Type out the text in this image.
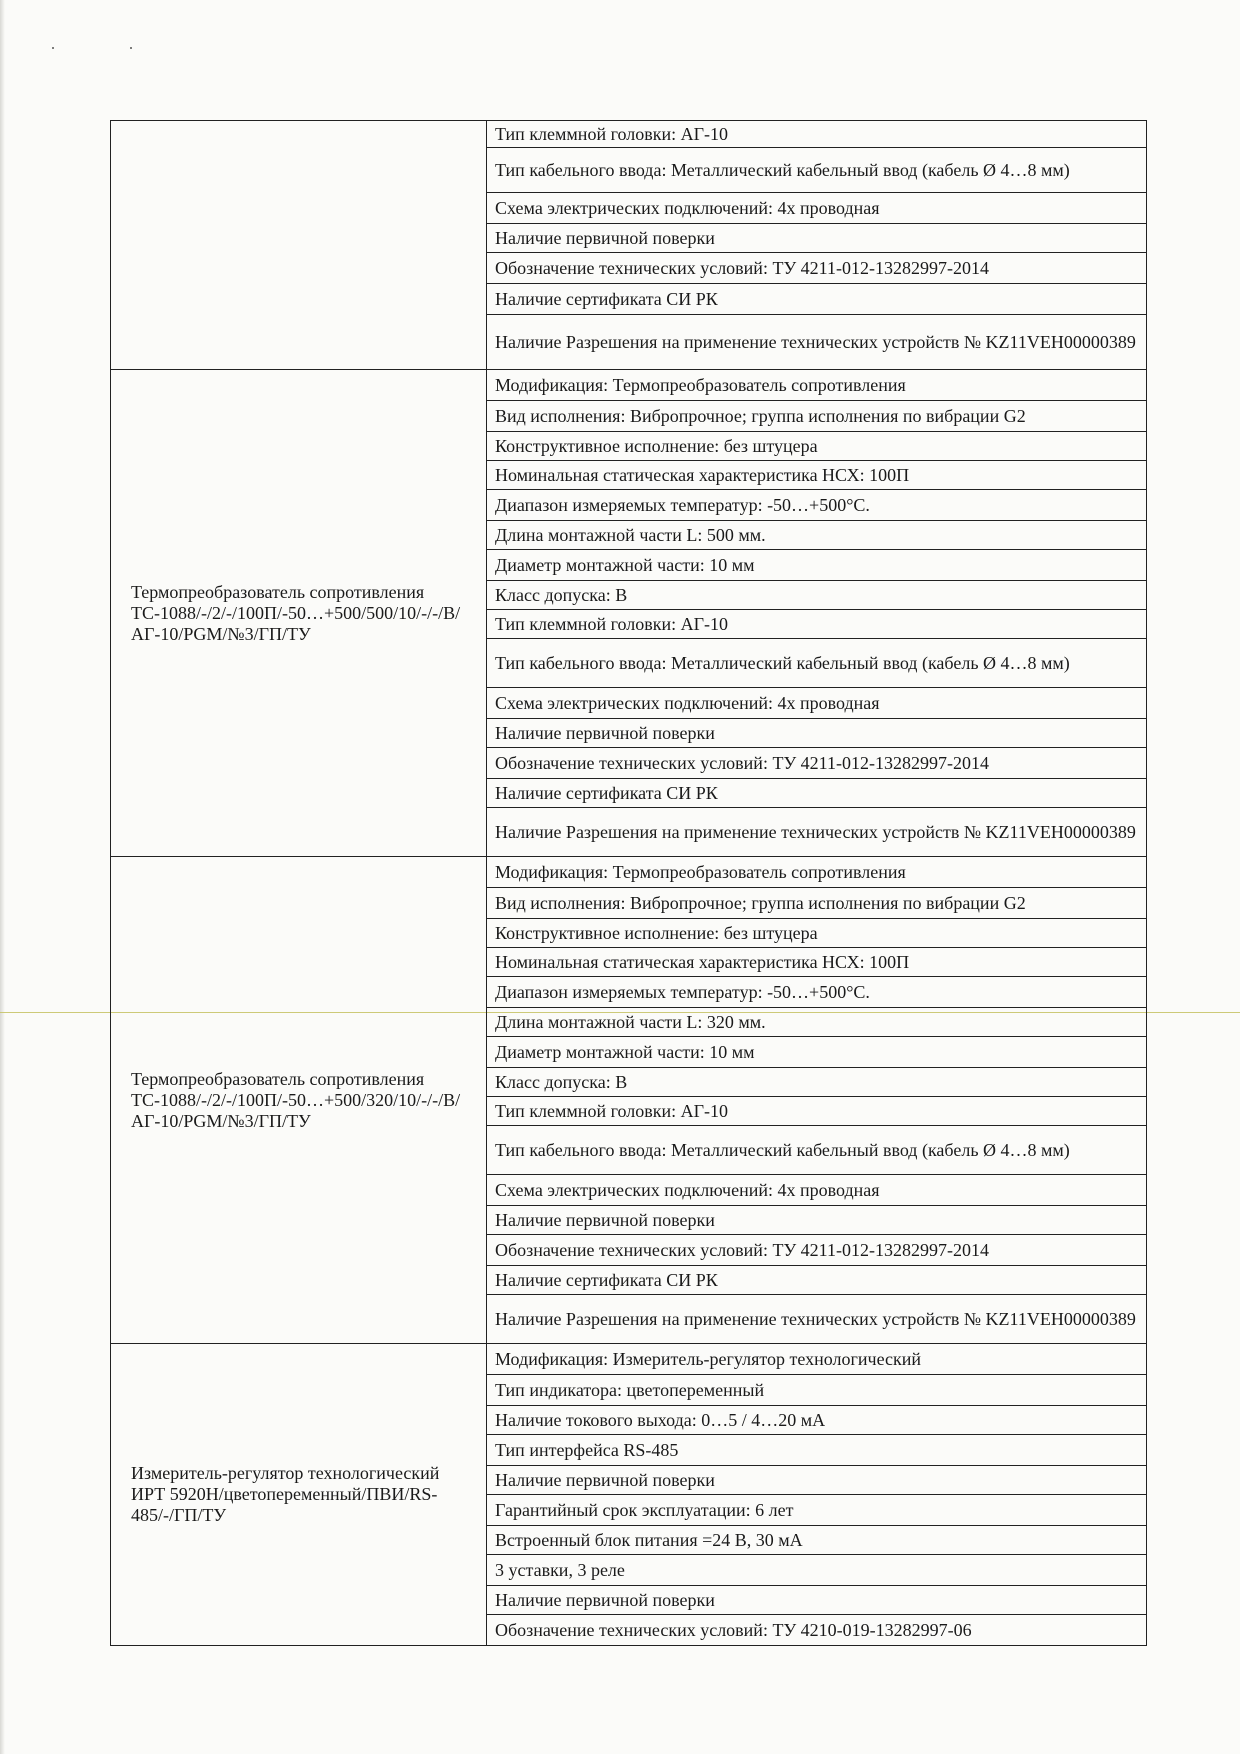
	Тип клеммной головки: АГ-10
	Тип кабельного ввода: Металлический кабельный ввод (кабель Ø 4…8 мм)
	Схема электрических подключений: 4х проводная
	Наличие первичной поверки
	Обозначение технических условий: ТУ 4211-012-13282997-2014
	Наличие сертификата СИ РК
	Наличие Разрешения на применение технических устройств № KZ11VEH00000389

Термопреобразователь сопротивления ТС-1088/-/2/-/100П/-50…+500/500/10/-/-/В/АГ-10/PGM/№3/ГП/ТУ	Модификация: Термопреобразователь сопротивления
	Вид исполнения: Вибропрочное; группа исполнения по вибрации G2
	Конструктивное исполнение: без штуцера
	Номинальная статическая характеристика НСХ: 100П
	Диапазон измеряемых температур: -50…+500°С.
	Длина монтажной части L: 500 мм.
	Диаметр монтажной части: 10 мм
	Класс допуска: В
	Тип клеммной головки: АГ-10
	Тип кабельного ввода: Металлический кабельный ввод (кабель Ø 4…8 мм)
	Схема электрических подключений: 4х проводная
	Наличие первичной поверки
	Обозначение технических условий: ТУ 4211-012-13282997-2014
	Наличие сертификата СИ РК
	Наличие Разрешения на применение технических устройств № KZ11VEH00000389

Термопреобразователь сопротивления ТС-1088/-/2/-/100П/-50…+500/320/10/-/-/В/АГ-10/PGM/№3/ГП/ТУ	Модификация: Термопреобразователь сопротивления
	Вид исполнения: Вибропрочное; группа исполнения по вибрации G2
	Конструктивное исполнение: без штуцера
	Номинальная статическая характеристика НСХ: 100П
	Диапазон измеряемых температур: -50…+500°С.
	Длина монтажной части L: 320 мм.
	Диаметр монтажной части: 10 мм
	Класс допуска: В
	Тип клеммной головки: АГ-10
	Тип кабельного ввода: Металлический кабельный ввод (кабель Ø 4…8 мм)
	Схема электрических подключений: 4х проводная
	Наличие первичной поверки
	Обозначение технических условий: ТУ 4211-012-13282997-2014
	Наличие сертификата СИ РК
	Наличие Разрешения на применение технических устройств № KZ11VEH00000389

Измеритель-регулятор технологический ИРТ 5920Н/цветопеременный/ПВИ/RS-485/-/ГП/ТУ	Модификация: Измеритель-регулятор технологический
	Тип индикатора: цветопеременный
	Наличие токового выхода: 0…5 / 4…20 мА
	Тип интерфейса RS-485
	Наличие первичной поверки
	Гарантийный срок эксплуатации: 6 лет
	Встроенный блок питания =24 В, 30 мА
	3 уставки, 3 реле
	Наличие первичной поверки
	Обозначение технических условий: ТУ 4210-019-13282997-06
